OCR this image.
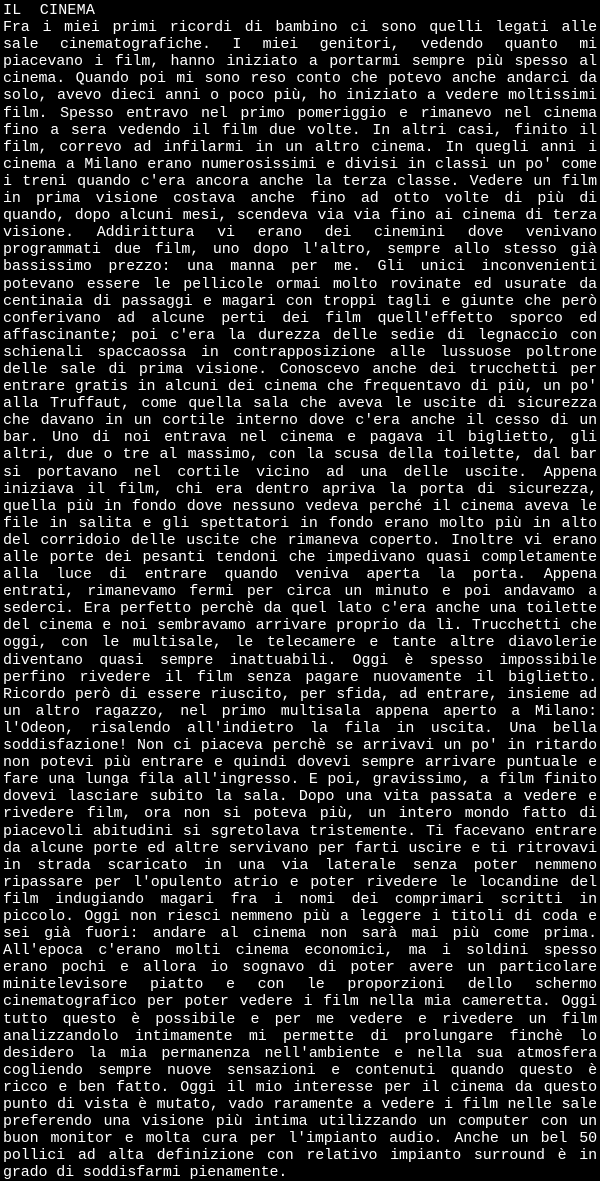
IL  CINEMA

Fra i miei primi ricordi di bambino ci sono quelli legati alle sale cinematografiche. I miei genitori, vedendo quanto mi piacevano i film, hanno iniziato a portarmi sempre più spesso al cinema. Quando poi mi sono reso conto che potevo anche andarci da solo, avevo dieci anni o poco più, ho iniziato a vedere moltissimi film. Spesso entravo nel primo pomeriggio e rimanevo nel cinema fino a sera vedendo il film due volte. In altri casi, finito il film, correvo ad infilarmi in un altro cinema. In quegli anni i cinema a Milano erano numerosissimi e divisi in classi un po' come i treni quando c'era ancora anche la terza classe. Vedere un film in prima visione costava anche fino ad otto volte di più di quando, dopo alcuni mesi, scendeva via via fino ai cinema di terza visione. Addirittura vi erano dei cinemini dove venivano programmati due film, uno dopo l'altro, sempre allo stesso già bassissimo prezzo: una manna per me. Gli unici inconvenienti potevano essere le pellicole ormai molto rovinate ed usurate da centinaia di passaggi e magari con troppi tagli e giunte che però conferivano ad alcune perti dei film quell'effetto sporco ed affascinante; poi c'era la durezza delle sedie di legnaccio con schienali spaccaossa in contrapposizione alle lussuose poltrone delle sale di prima visione. Conoscevo anche dei trucchetti per entrare gratis in alcuni dei cinema che frequentavo di più, un po' alla Truffaut, come quella sala che aveva le uscite di sicurezza che davano in un cortile interno dove c'era anche il cesso di un bar. Uno di noi entrava nel cinema e pagava il biglietto, gli altri, due o tre al massimo, con la scusa della toilette, dal bar si portavano nel cortile vicino ad una delle uscite. Appena iniziava il film, chi era dentro apriva la porta di sicurezza, quella più in fondo dove nessuno vedeva perché il cinema aveva le file in salita e gli spettatori in fondo erano molto più in alto del corridoio delle uscite che rimaneva coperto. Inoltre vi erano alle porte dei pesanti tendoni che impedivano quasi completamente alla luce di entrare quando veniva aperta la porta. Appena entrati, rimanevamo fermi per circa un minuto e poi andavamo a sederci. Era perfetto perchè da quel lato c'era anche una toilette del cinema e noi sembravamo arrivare proprio da lì. Trucchetti che oggi, con le multisale, le telecamere e tante altre diavolerie diventano quasi sempre inattuabili. Oggi è spesso impossibile perfino rivedere il film senza pagare nuovamente il biglietto. Ricordo però di essere riuscito, per sfida, ad entrare, insieme ad un altro ragazzo, nel primo multisala appena aperto a Milano: l'Odeon, risalendo all'indietro la fila in uscita. Una bella soddisfazione! Non ci piaceva perchè se arrivavi un po' in ritardo non potevi più entrare e quindi dovevi sempre arrivare puntuale e fare una lunga fila all'ingresso. E poi, gravissimo, a film finito dovevi lasciare subito la sala. Dopo una vita passata a vedere e rivedere film, ora non si poteva più, un intero mondo fatto di piacevoli abitudini si sgretolava tristemente. Ti facevano entrare da alcune porte ed altre servivano per farti uscire e ti ritrovavi in strada scaricato in una via laterale senza poter nemmeno ripassare per l'opulento atrio e poter rivedere le locandine del film indugiando magari fra i nomi dei comprimari scritti in piccolo. Oggi non riesci nemmeno più a leggere i titoli di coda e sei già fuori: andare al cinema non sarà mai più come prima. All'epoca c'erano molti cinema economici, ma i soldini spesso erano pochi e allora io sognavo di poter avere un particolare minitelevisore piatto e con le proporzioni dello schermo cinematografico per poter vedere i film nella mia cameretta. Oggi tutto questo è possibile e per me vedere e rivedere un film analizzandolo intimamente mi permette di prolungare finchè lo desidero la mia permanenza nell'ambiente e nella sua atmosfera cogliendo sempre nuove sensazioni e contenuti quando questo è ricco e ben fatto. Oggi il mio interesse per il cinema da questo punto di vista è mutato, vado raramente a vedere i film nelle sale preferendo una visione più intima utilizzando un computer con un buon monitor e molta cura per l'impianto audio. Anche un bel 50 pollici ad alta definizione con relativo impianto surround è in grado di soddisfarmi pienamente.
